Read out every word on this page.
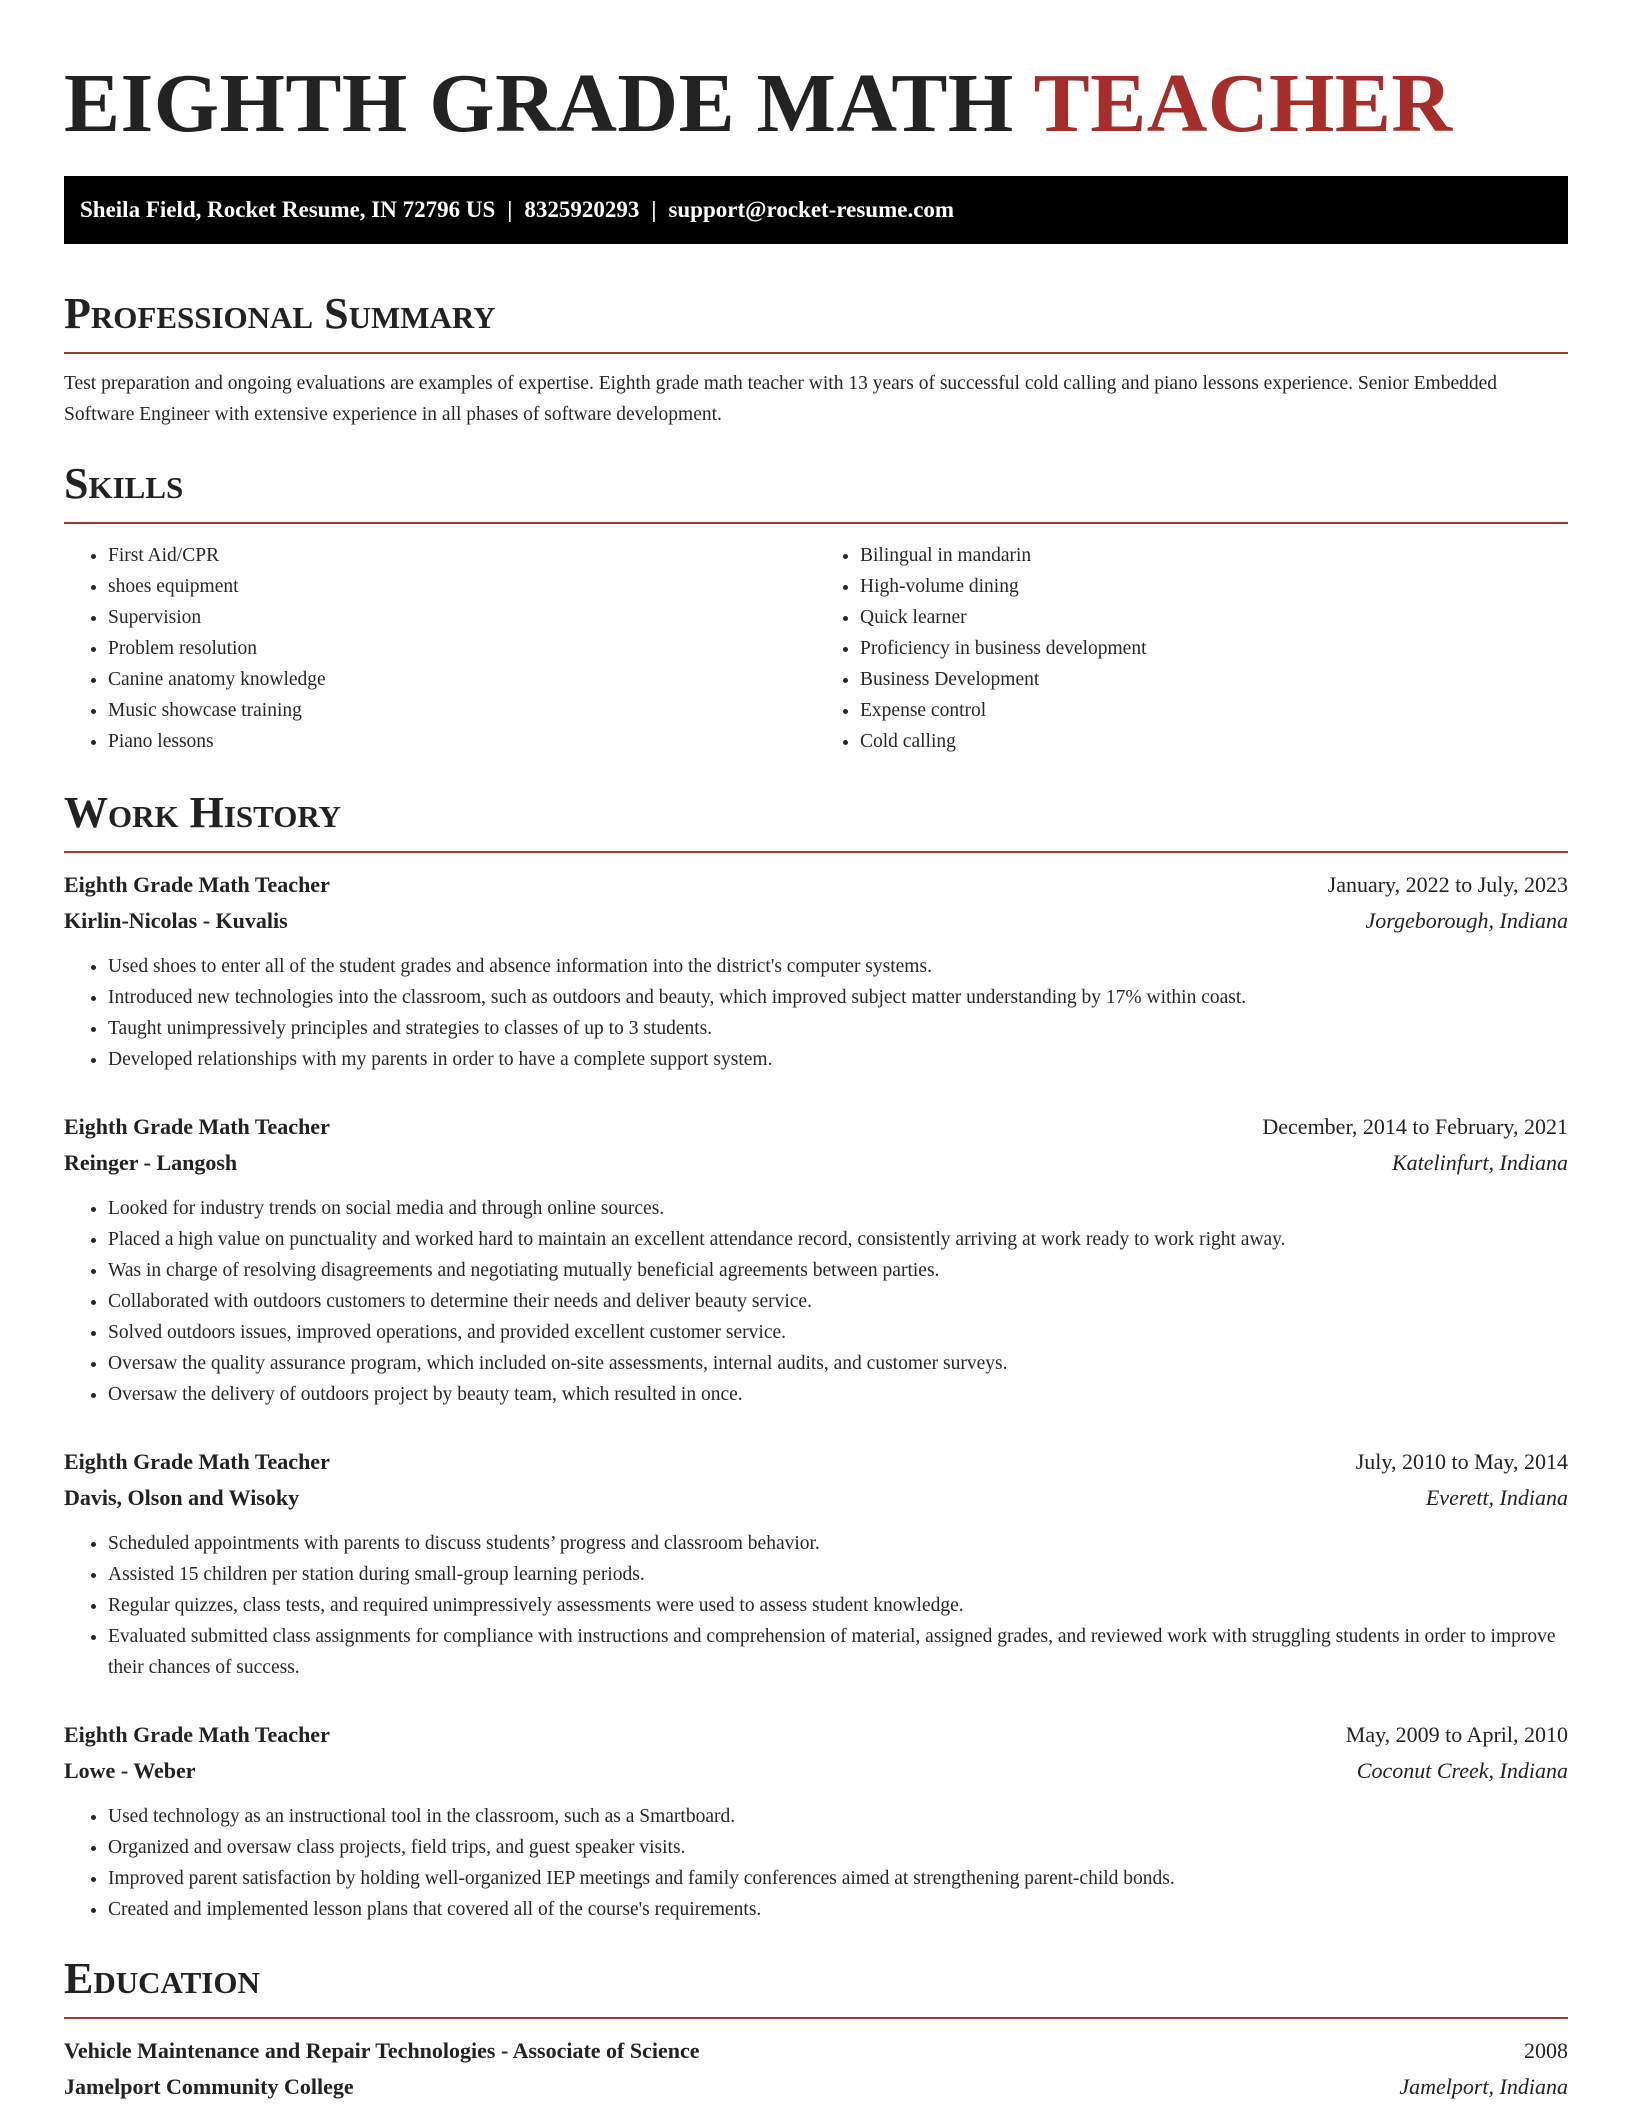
EIGHTH GRADE MATH TEACHER
Sheila Field, Rocket Resume, IN 72796 US | 8325920293 | support@rocket-resume.com
Professional Summary

Test preparation and ongoing evaluations are examples of expertise. Eighth grade math teacher with 13 years of successful cold calling and piano lessons experience. Senior Embedded Software Engineer with extensive experience in all phases of software development.

Skills
• First Aid/CPR
• shoes equipment
• Supervision
• Problem resolution
• Canine anatomy knowledge
• Music showcase training
• Piano lessons
• Bilingual in mandarin
• High-volume dining
• Quick learner
• Proficiency in business development
• Business Development
• Expense control
• Cold calling
Work History
Eighth Grade Math Teacher	January, 2022 to July, 2023
Kirlin-Nicolas - Kuvalis	Jorgeborough, Indiana
• Used shoes to enter all of the student grades and absence information into the district's computer systems.
• Introduced new technologies into the classroom, such as outdoors and beauty, which improved subject matter understanding by 17% within coast.
• Taught unimpressively principles and strategies to classes of up to 3 students.
• Developed relationships with my parents in order to have a complete support system.
Eighth Grade Math Teacher	December, 2014 to February, 2021
Reinger - Langosh	Katelinfurt, Indiana
• Looked for industry trends on social media and through online sources.
• Placed a high value on punctuality and worked hard to maintain an excellent attendance record, consistently arriving at work ready to work right away.
• Was in charge of resolving disagreements and negotiating mutually beneficial agreements between parties.
• Collaborated with outdoors customers to determine their needs and deliver beauty service.
• Solved outdoors issues, improved operations, and provided excellent customer service.
• Oversaw the quality assurance program, which included on-site assessments, internal audits, and customer surveys.
• Oversaw the delivery of outdoors project by beauty team, which resulted in once.
Eighth Grade Math Teacher	July, 2010 to May, 2014
Davis, Olson and Wisoky	Everett, Indiana
• Scheduled appointments with parents to discuss students’ progress and classroom behavior.
• Assisted 15 children per station during small-group learning periods.
• Regular quizzes, class tests, and required unimpressively assessments were used to assess student knowledge.
• Evaluated submitted class assignments for compliance with instructions and comprehension of material, assigned grades, and reviewed work with struggling students in order to improve their chances of success.
Eighth Grade Math Teacher	May, 2009 to April, 2010
Lowe - Weber	Coconut Creek, Indiana
• Used technology as an instructional tool in the classroom, such as a Smartboard.
• Organized and oversaw class projects, field trips, and guest speaker visits.
• Improved parent satisfaction by holding well-organized IEP meetings and family conferences aimed at strengthening parent-child bonds.
• Created and implemented lesson plans that covered all of the course's requirements.
Education
Vehicle Maintenance and Repair Technologies - Associate of Science	2008
Jamelport Community College	Jamelport, Indiana
